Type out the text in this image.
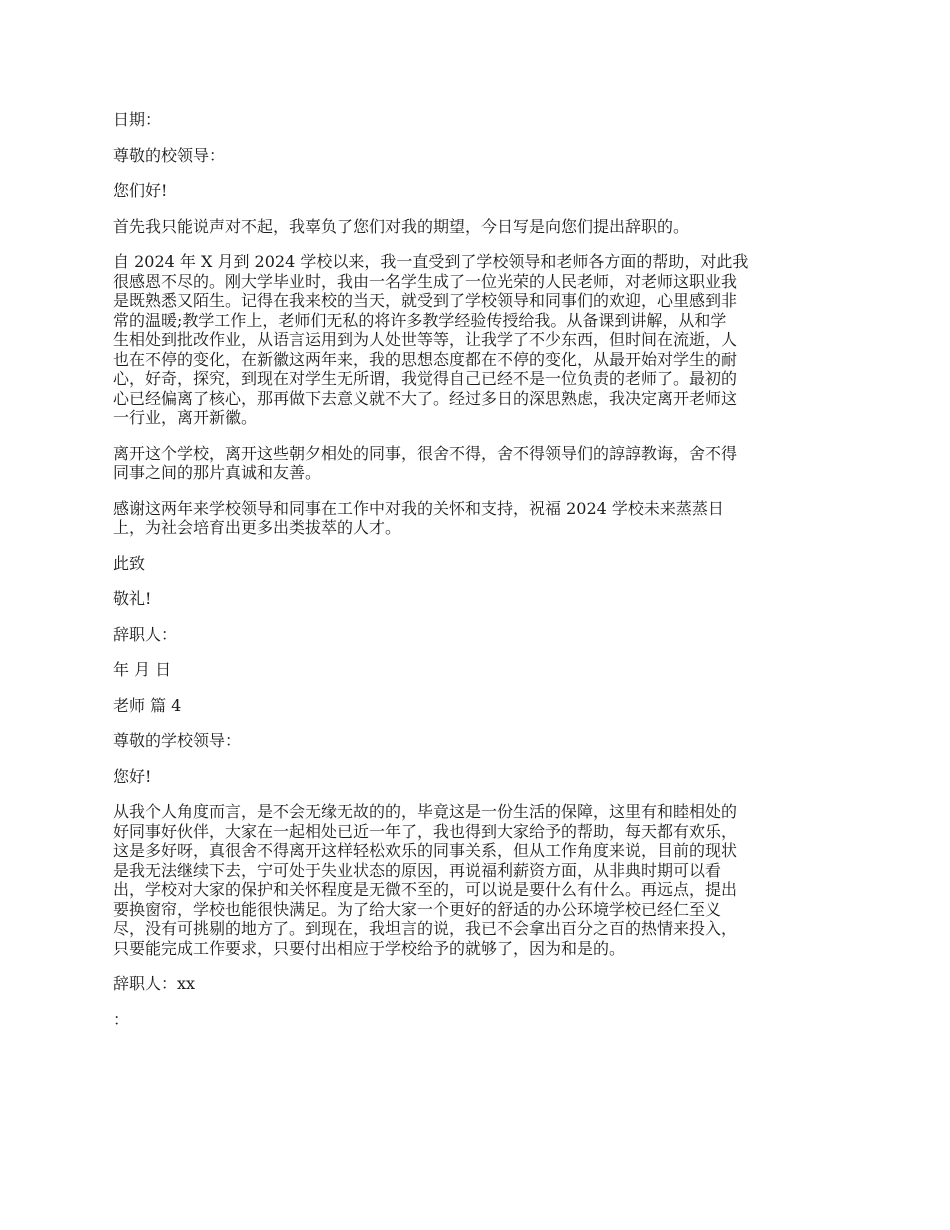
日期：

尊敬的校领导：

您们好!

首先我只能说声对不起，我辜负了您们对我的期望，今日写是向您们提出辞职的。

自 2024 年 X 月到 2024 学校以来，我一直受到了学校领导和老师各方面的帮助，对此我
很感恩不尽的。刚大学毕业时，我由一名学生成了一位光荣的人民老师，对老师这职业我
是既熟悉又陌生。记得在我来校的当天，就受到了学校领导和同事们的欢迎，心里感到非
常的温暖;教学工作上，老师们无私的将许多教学经验传授给我。从备课到讲解，从和学
生相处到批改作业，从语言运用到为人处世等等，让我学了不少东西，但时间在流逝，人
也在不停的变化，在新徽这两年来，我的思想态度都在不停的变化，从最开始对学生的耐
心，好奇，探究，到现在对学生无所谓，我觉得自己已经不是一位负责的老师了。最初的
心已经偏离了核心，那再做下去意义就不大了。经过多日的深思熟虑，我决定离开老师这
一行业，离开新徽。

离开这个学校，离开这些朝夕相处的同事，很舍不得，舍不得领导们的諄諄教诲，舍不得
同事之间的那片真诚和友善。

感谢这两年来学校领导和同事在工作中对我的关怀和支持，祝福 2024 学校未来蒸蒸日
上，为社会培育出更多出类拔萃的人才。

此致

敬礼!

辞职人：

年 月 日

老师 篇 4

尊敬的学校领导：

您好!

从我个人角度而言，是不会无缘无故的的，毕竟这是一份生活的保障，这里有和睦相处的
好同事好伙伴，大家在一起相处已近一年了，我也得到大家给予的帮助，每天都有欢乐，
这是多好呀，真很舍不得离开这样轻松欢乐的同事关系，但从工作角度来说，目前的现状
是我无法继续下去，宁可处于失业状态的原因，再说福利薪资方面，从非典时期可以看
出，学校对大家的保护和关怀程度是无微不至的，可以说是要什么有什么。再远点，提出
要换窗帘，学校也能很快满足。为了给大家一个更好的舒适的办公环境学校已经仁至义
尽，没有可挑剔的地方了。到现在，我坦言的说，我已不会拿出百分之百的热情来投入，
只要能完成工作要求，只要付出相应于学校给予的就够了，因为和是的。

辞职人：xx

：
